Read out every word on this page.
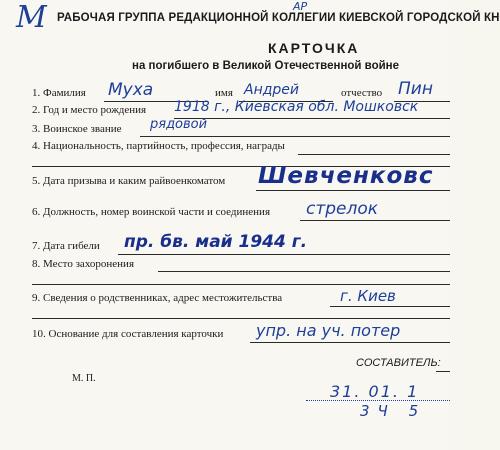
M	АР
РАБОЧАЯ ГРУППА РЕДАКЦИОННОЙ КОЛЛЕГИИ КИЕВСКОЙ ГОРОДСКОЙ КН
КАРТОЧКА
на погибшего в Великой Отечественной войне
1. Фамилия Муха	имя Андрей	отчество Пин
2. Год и место рождения 1918 г., Киевская обл. Мошковск
3. Воинское звание рядовой
4. Национальность, партийность, профессия, награды
5. Дата призыва и каким райвоенкоматом Шевченковс
6. Должность, номер воинской части и соединения стрелок
7. Дата гибели пр. бв. май 1944 г.
8. Место захоронения
9. Сведения о родственниках, адрес местожительства	г. Киев
10. Основание для составления карточки упр. на уч. потер
СОСТАВИТЕЛЬ:
М. П.
31. 01. 1
3Ч 5
